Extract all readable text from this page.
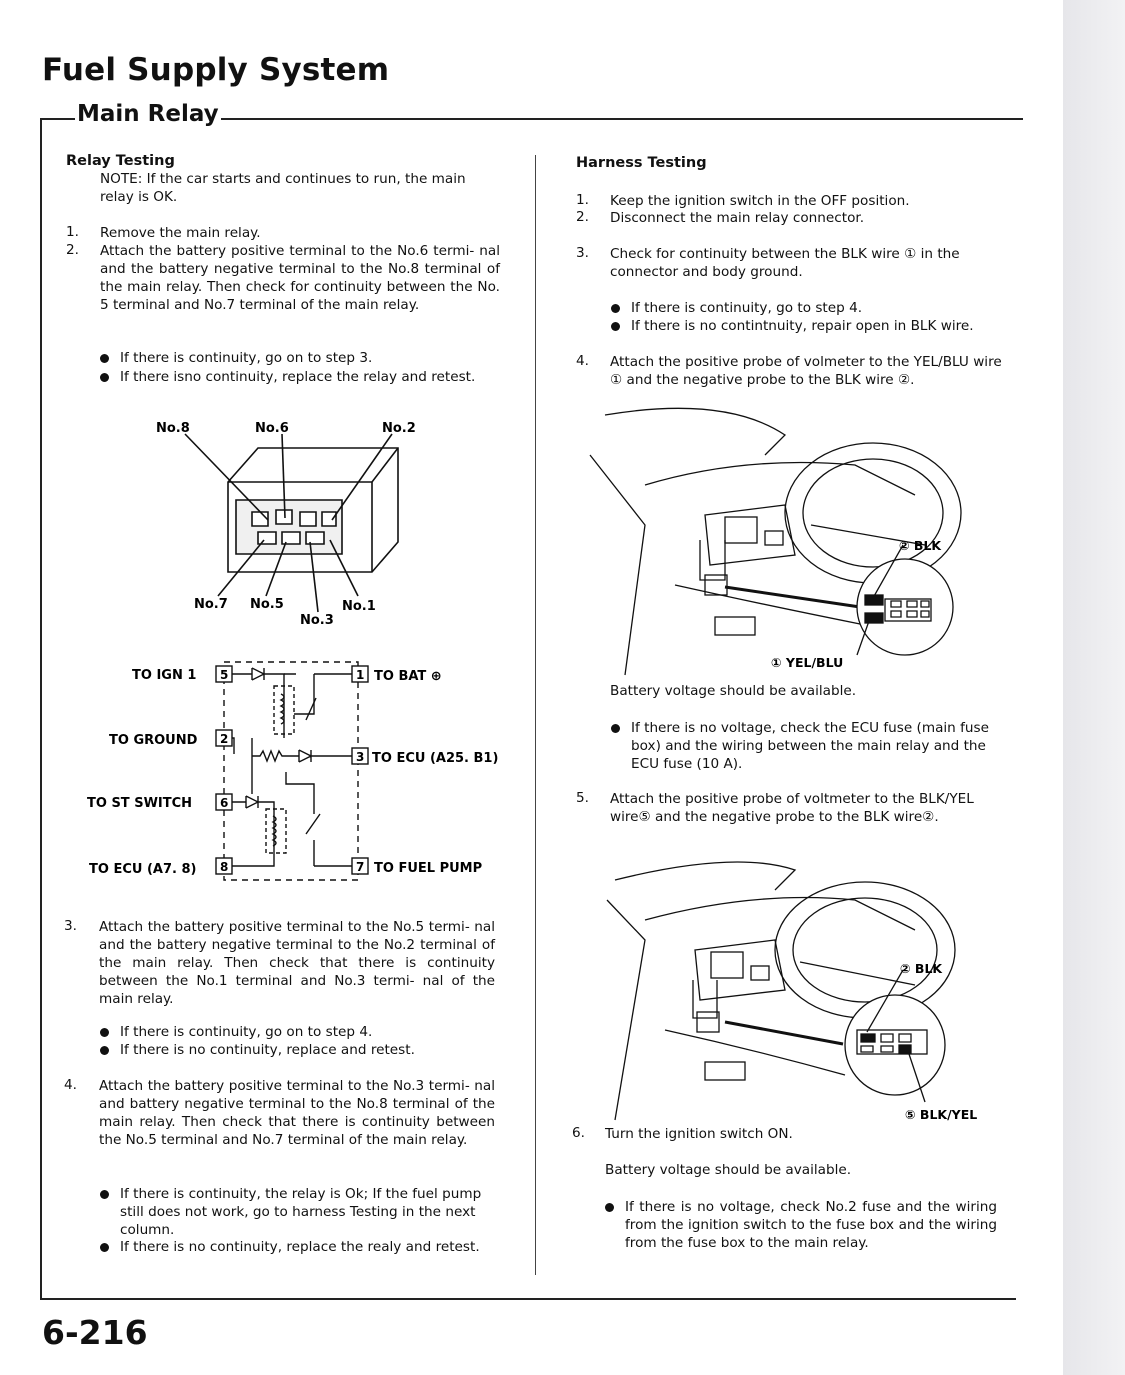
Fuel Supply System
Main Relay
Relay Testing
NOTE: If the car starts and continues to run, the main relay is OK.
1. Remove the main relay.
2. Attach the battery positive terminal to the No.6 termi- nal and the battery negative terminal to the No.8 terminal of the main relay. Then check for continuity between the No. 5 terminal and No.7 terminal of the main relay.
If there is continuity, go on to step 3.
If there isno continuity, replace the relay and retest.
No.8	No.6	No.2
No.7 No.5	No.1
No.3
5
2
6
8
1
3
7
TO IGN 1
TO GROUND
TO ST SWITCH
TO ECU (A7. 8)
TO BAT ⊕
TO ECU (A25. B1)
TO FUEL PUMP
3. Attach the battery positive terminal to the No.5 termi- nal and the battery negative terminal to the No.2 terminal of the main relay. Then check that there is continuity between the No.1 terminal and No.3 termi- nal of the main relay.
If there is continuity, go on to step 4.
If there is no continuity, replace and retest.
4. Attach the battery positive terminal to the No.3 termi- nal and battery negative terminal to the No.8 terminal of the main relay. Then check that there is continuity between the No.5 terminal and No.7 terminal of the main relay.
If there is continuity, the relay is Ok; If the fuel pump still does not work, go to harness Testing in the next column.
If there is no continuity, replace the realy and retest.
Harness Testing
1. Keep the ignition switch in the OFF position.
2. Disconnect the main relay connector.
3. Check for continuity between the BLK wire ① in the connector and body ground.
If there is continuity, go to step 4.
If there is no contintnuity, repair open in BLK wire.
4. Attach the positive probe of volmeter to the YEL/BLU wire ① and the negative probe to the BLK wire ②.
② BLK
① YEL/BLU
Battery voltage should be available.
If there is no voltage, check the ECU fuse (main fuse box) and the wiring between the main relay and the ECU fuse (10 A).
5. Attach the positive probe of voltmeter to the BLK/YEL wire⑤ and the negative probe to the BLK wire②.
② BLK
⑤ BLK/YEL
6. Turn the ignition switch ON.
Battery voltage should be available.
If there is no voltage, check No.2 fuse and the wiring from the ignition switch to the fuse box and the wiring from the fuse box to the main relay.
6-216
